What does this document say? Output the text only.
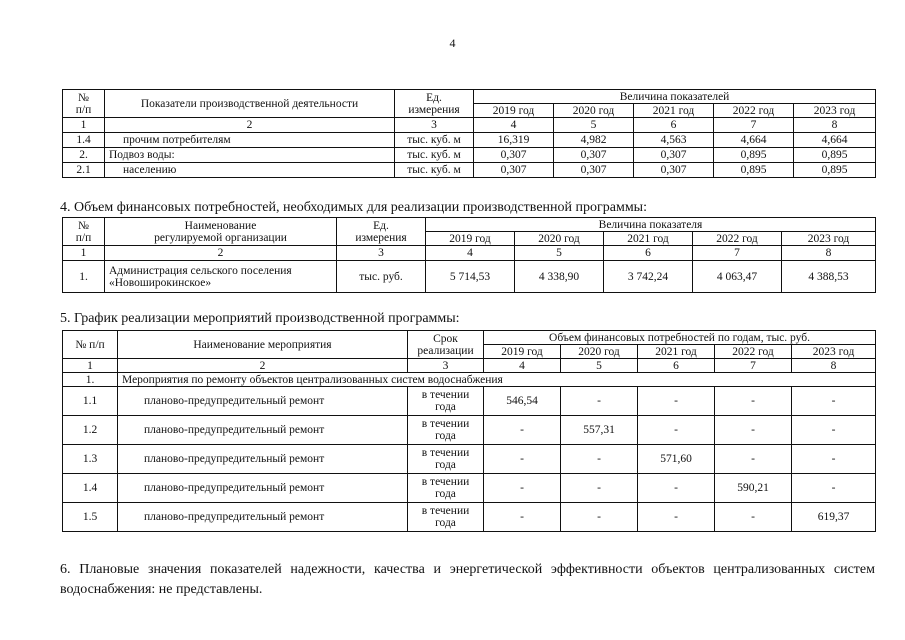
4
№
п/п	Показатели производственной деятельности	Ед.
измерения	Величина показателей				
			2019 год	2020 год	2021 год	2022 год	2023 год
1	2	3	4	5	6	7	8
1.4	прочим потребителям	тыс. куб. м	16,319	4,982	4,563	4,664	4,664
2.	Подвоз воды:	тыс. куб. м	0,307	0,307	0,307	0,895	0,895
2.1	населению	тыс. куб. м	0,307	0,307	0,307	0,895	0,895
4. Объем финансовых потребностей, необходимых для реализации производственной программы:
№
п/п	Наименование
регулируемой организации	Ед.
измерения	Величина показателя				
			2019 год	2020 год	2021 год	2022 год	2023 год
1	2	3	4	5	6	7	8
1.	Администрация сельского поселения «Новоширокинское»	тыс. руб.	5 714,53	4 338,90	3 742,24	4 063,47	4 388,53
5. График реализации мероприятий производственной программы:
№ п/п	Наименование мероприятия	Срок
реализации	Объем финансовых потребностей по годам, тыс. руб.				
			2019 год	2020 год	2021 год	2022 год	2023 год
1	2	3	4	5	6	7	8
1.	Мероприятия по ремонту объектов централизованных систем водоснабжения						
1.1	планово-предупредительный ремонт	в течении
года	546,54	-	-	-	-
1.2	планово-предупредительный ремонт	в течении
года	-	557,31	-	-	-
1.3	планово-предупредительный ремонт	в течении
года	-	-	571,60	-	-
1.4	планово-предупредительный ремонт	в течении
года	-	-	-	590,21	-
1.5	планово-предупредительный ремонт	в течении
года	-	-	-	-	619,37
6. Плановые значения показателей надежности, качества и энергетической эффективности объектов централизованных систем водоснабжения: не представлены.
